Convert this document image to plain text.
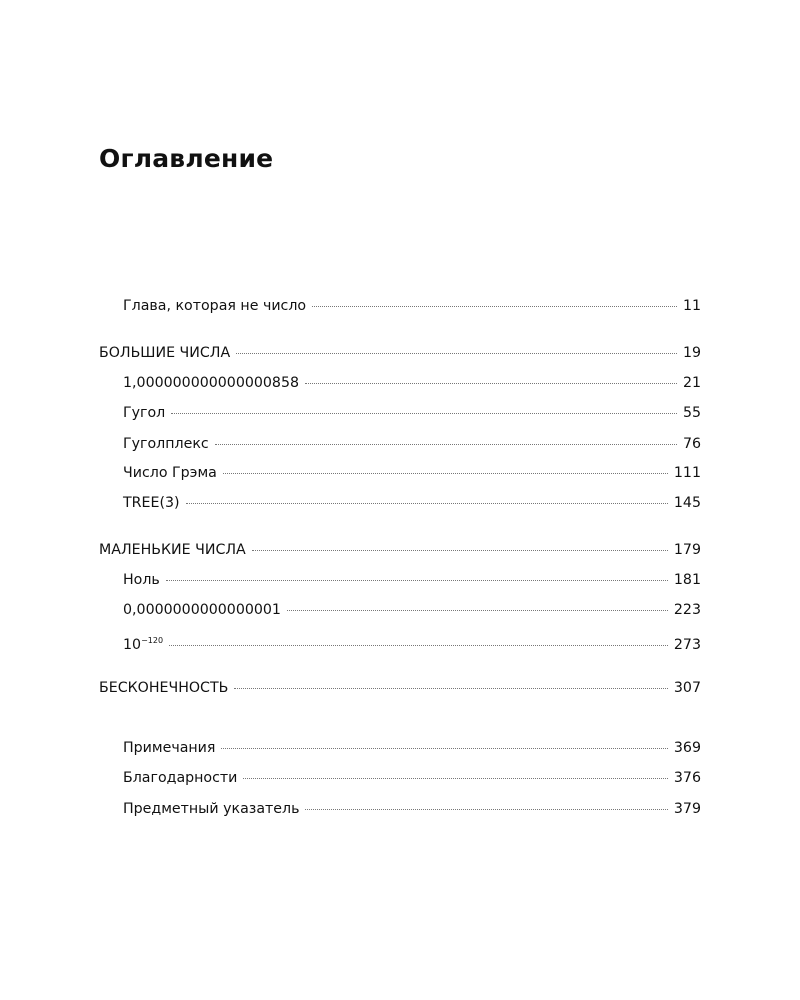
Оглавление
Глава, которая не число	11
БОЛЬШИЕ ЧИСЛА	19
1,000000000000000858	21
Гугол	55
Гуголплекс	76
Число Грэма	111
TREE(3)	145
МАЛЕНЬКИЕ ЧИСЛА	179
Ноль	181
0,0000000000000001	223
$10^{-120}$	273
БЕСКОНЕЧНОСТЬ	307
Примечания	369
Благодарности	376
Предметный указатель	379
